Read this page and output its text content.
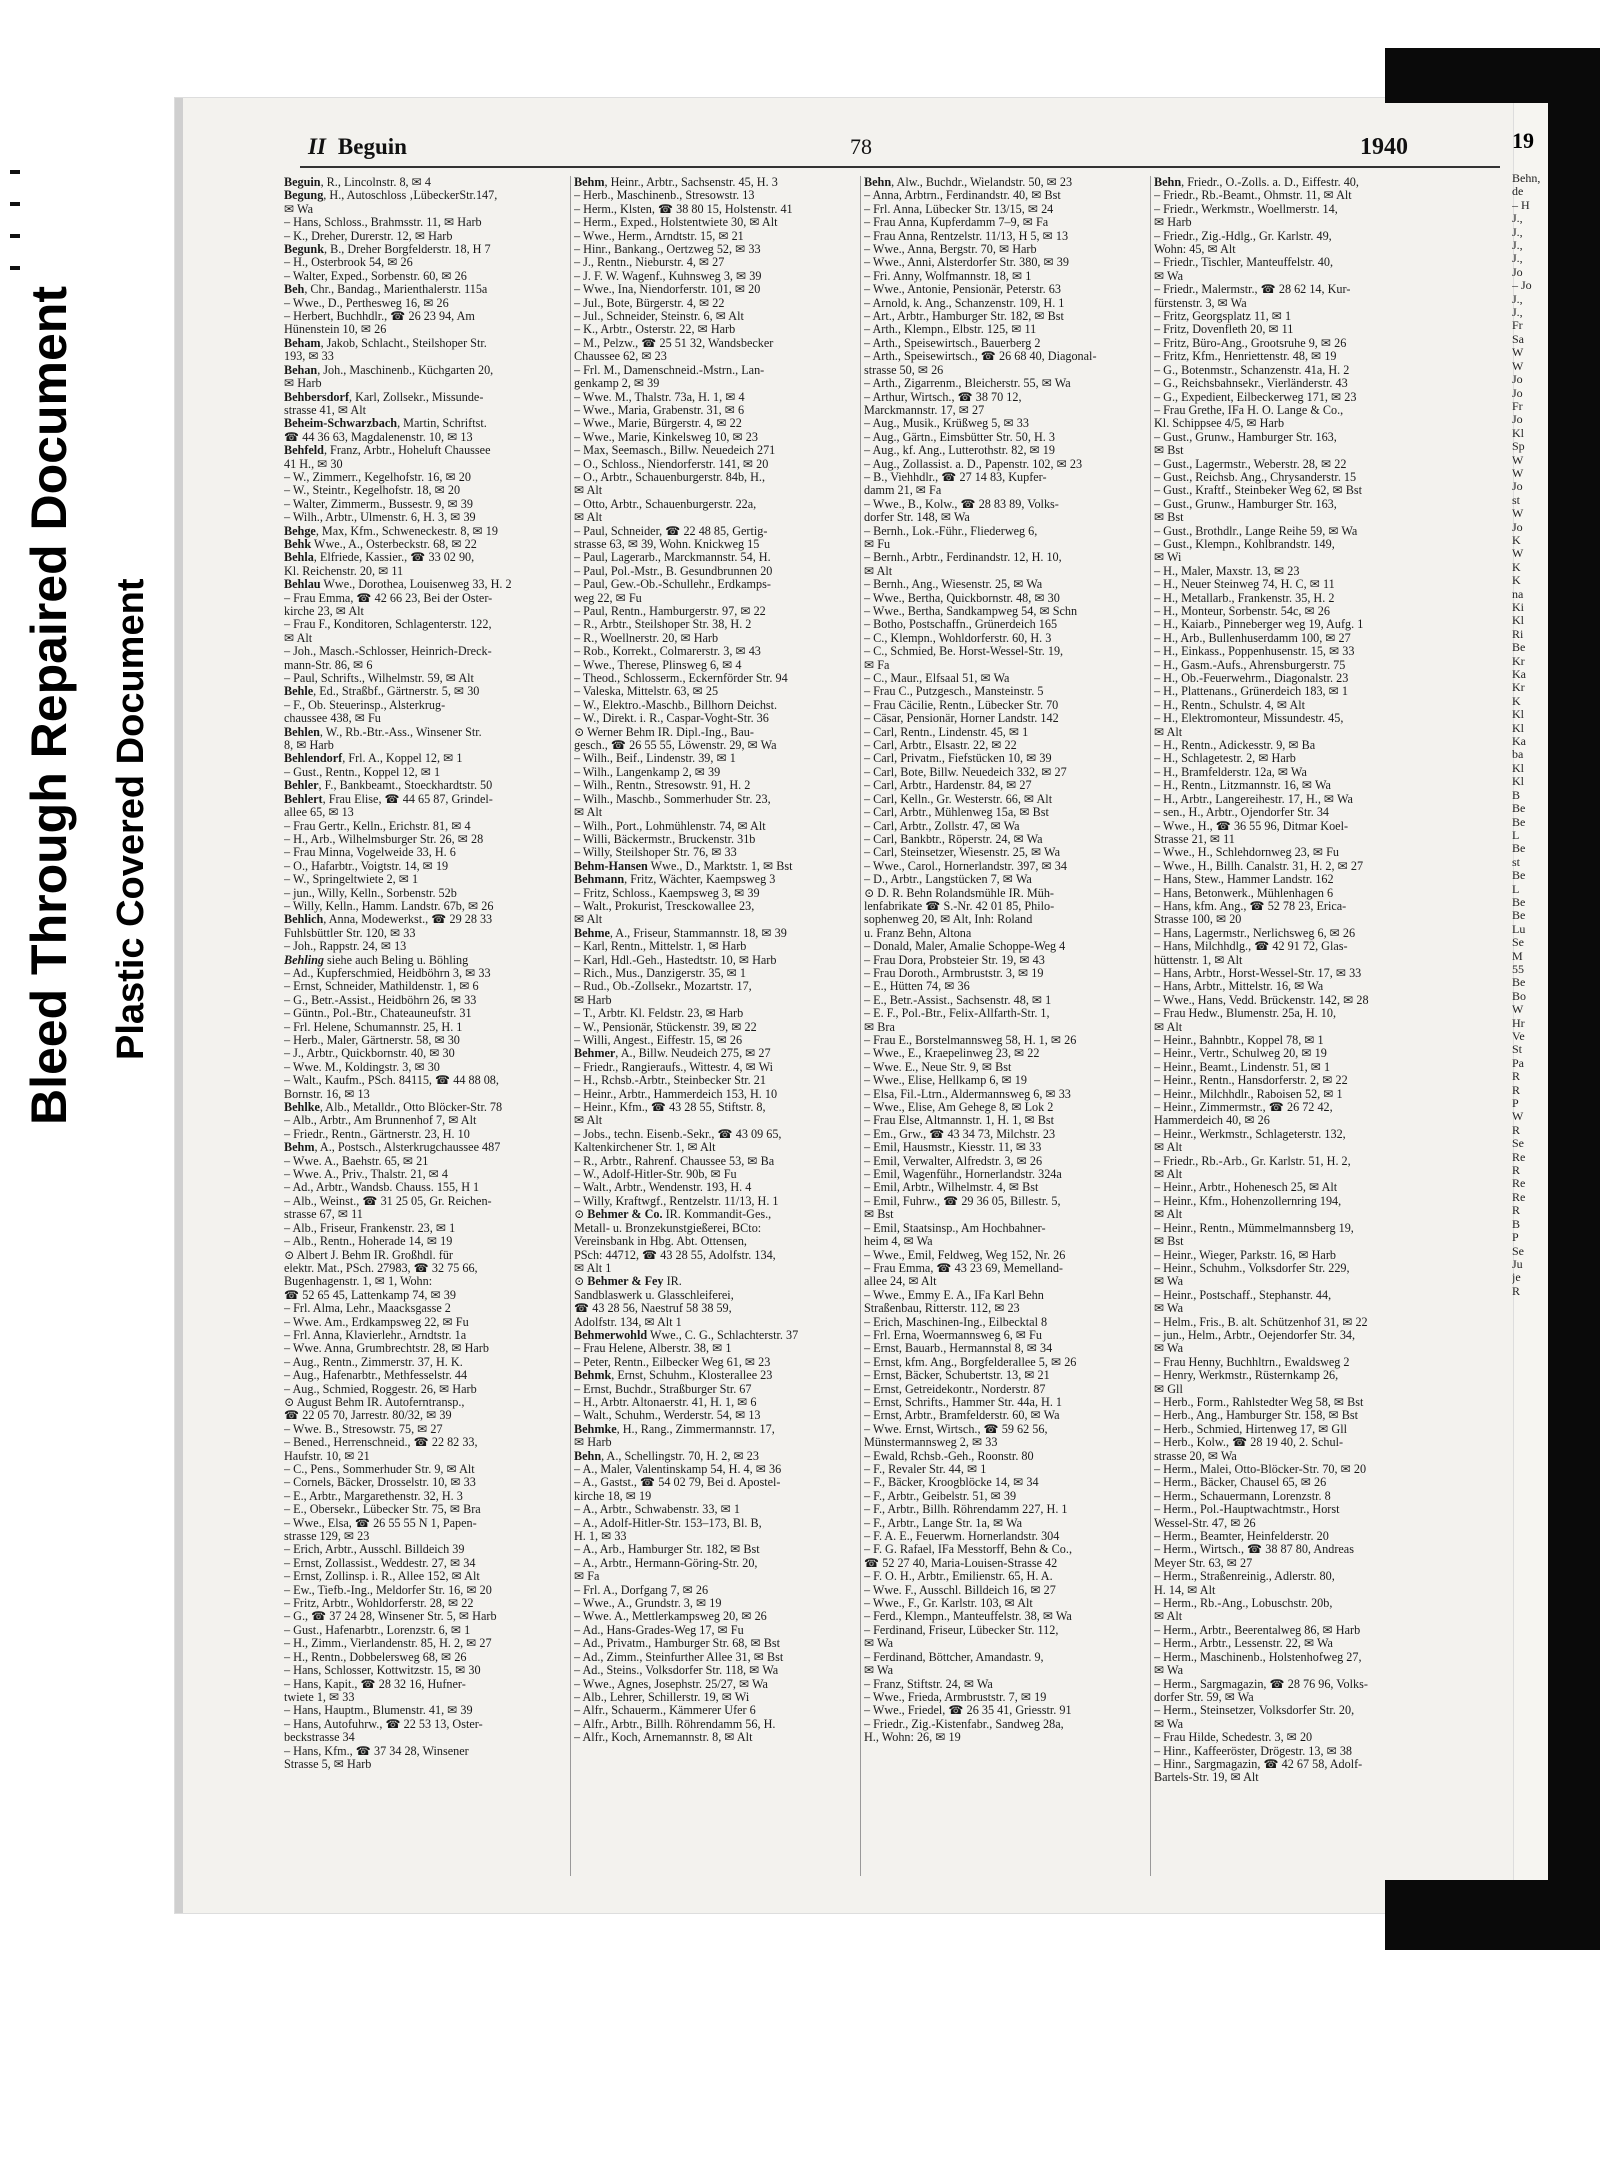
Bleed Through Repaired Document Plastic Covered Document
19
Behn,
de
– H
J.,
J.,
J.,
J.,
Jo
– Jo
J.,
J.,
Fr
Sa
W
W
Jo
Jo
Fr
Jo
Kl
Sp
W
W
Jo
st
W
Jo
K
W
K
K
na
Ki
Kl
Ri
Be
Kr
Ka
Kr
K
Kl
Kl
Ka
ba
Kl
Kl
B
Be
Be
L
Be
st
Be
L
Be
Be
Lu
Se
M
55
Be
Bo
W
Hr
Ve
St
Pa
R
R
P
W
R
Se
Re
R
Re
Re
R
B
P
Se
Ju
je
R
II Beguin	78	1940

Beguin, R., Lincolnstr. 8, ✉ 4

Begung, H., Autoschloss ‚LübeckerStr.147,

✉ Wa

– Hans, Schloss., Brahmsstr. 11, ✉ Harb

– K., Dreher, Durerstr. 12, ✉ Harb

Begunk, B., Dreher Borgfelderstr. 18, H 7

– H., Osterbrook 54, ✉ 26

– Walter, Exped., Sorbenstr. 60, ✉ 26

Beh, Chr., Bandag., Marienthalerstr. 115a

– Wwe., D., Perthesweg 16, ✉ 26

– Herbert, Buchhdlr., ☎ 26 23 94, Am

Hünenstein 10, ✉ 26

Beham, Jakob, Schlacht., Steilshoper Str.

193, ✉ 33

Behan, Joh., Maschinenb., Küchgarten 20,

✉ Harb

Behbersdorf, Karl, Zollsekr., Missunde-

strasse 41, ✉ Alt

Beheim-Schwarzbach, Martin, Schriftst.

☎ 44 36 63, Magdalenenstr. 10, ✉ 13

Behfeld, Franz, Arbtr., Hoheluft Chaussee

41 H., ✉ 30

– W., Zimmerr., Kegelhofstr. 16, ✉ 20

– W., Steintr., Kegelhofstr. 18, ✉ 20

– Walter, Zimmerm., Bussestr. 9, ✉ 39

– Wilh., Arbtr., Ulmenstr. 6, H. 3, ✉ 39

Behge, Max, Kfm., Schweneckestr. 8, ✉ 19

Behk Wwe., A., Osterbeckstr. 68, ✉ 22

Behla, Elfriede, Kassier., ☎ 33 02 90,

Kl. Reichenstr. 20, ✉ 11

Behlau Wwe., Dorothea, Louisenweg 33, H. 2

– Frau Emma, ☎ 42 66 23, Bei der Oster-

kirche 23, ✉ Alt

– Frau F., Konditoren, Schlagenterstr. 122,

✉ Alt

– Joh., Masch.-Schlosser, Heinrich-Dreck-

mann-Str. 86, ✉ 6

– Paul, Schrifts., Wilhelmstr. 59, ✉ Alt

Behle, Ed., Straßbf., Gärtnerstr. 5, ✉ 30

– F., Ob. Steuerinsp., Alsterkrug-

chaussee 438, ✉ Fu

Behlen, W., Rb.-Btr.-Ass., Winsener Str.

8, ✉ Harb

Behlendorf, Frl. A., Koppel 12, ✉ 1

– Gust., Rentn., Koppel 12, ✉ 1

Behler, F., Bankbeamt., Stoeckhardtstr. 50

Behlert, Frau Elise, ☎ 44 65 87, Grindel-

allee 65, ✉ 13

– Frau Gertr., Kelln., Erichstr. 81, ✉ 4

– H., Arb., Wilhelmsburger Str. 26, ✉ 28

– Frau Minna, Vogelweide 33, H. 6

– O., Hafarbtr., Voigtstr. 14, ✉ 19

– W., Springeltwiete 2, ✉ 1

– jun., Willy, Kelln., Sorbenstr. 52b

– Willy, Kelln., Hamm. Landstr. 67b, ✉ 26

Behlich, Anna, Modewerkst., ☎ 29 28 33

Fuhlsbüttler Str. 120, ✉ 33

– Joh., Rappstr. 24, ✉ 13

Behling siehe auch Beling u. Böhling

– Ad., Kupferschmied, Heidböhrn 3, ✉ 33

– Ernst, Schneider, Mathildenstr. 1, ✉ 6

– G., Betr.-Assist., Heidböhrn 26, ✉ 33

– Güntn., Pol.-Btr., Chateauneufstr. 31

– Frl. Helene, Schumannstr. 25, H. 1

– Herb., Maler, Gärtnerstr. 58, ✉ 30

– J., Arbtr., Quickbornstr. 40, ✉ 30

– Wwe. M., Koldingstr. 3, ✉ 30

– Walt., Kaufm., PSch. 84115, ☎ 44 88 08,

Bornstr. 16, ✉ 13

Behlke, Alb., Metalldr., Otto Blöcker-Str. 78

– Alb., Arbtr., Am Brunnenhof 7, ✉ Alt

– Friedr., Rentn., Gärtnerstr. 23, H. 10

Behm, A., Postsch., Alsterkrugchaussee 487

– Wwe. A., Baehstr. 65, ✉ 21

– Wwe. A., Priv., Thalstr. 21, ✉ 4

– Ad., Arbtr., Wandsb. Chauss. 155, H 1

– Alb., Weinst., ☎ 31 25 05, Gr. Reichen-

strasse 67, ✉ 11

– Alb., Friseur, Frankenstr. 23, ✉ 1

– Alb., Rentn., Hoherade 14, ✉ 19

⊙ Albert J. Behm IR. Großhdl. für

elektr. Mat., PSch. 27983, ☎ 32 75 66,

Bugenhagenstr. 1, ✉ 1, Wohn:

☎ 52 65 45, Lattenkamp 74, ✉ 39

– Frl. Alma, Lehr., Maacksgasse 2

– Wwe. Am., Erdkampsweg 22, ✉ Fu

– Frl. Anna, Klavierlehr., Arndtstr. 1a

– Wwe. Anna, Grumbrechtstr. 28, ✉ Harb

– Aug., Rentn., Zimmerstr. 37, H. K.

– Aug., Hafenarbtr., Methfesselstr. 44

– Aug., Schmied, Roggestr. 26, ✉ Harb

⊙ August Behm IR. Autoferntransp.,

☎ 22 05 70, Jarrestr. 80/32, ✉ 39

– Wwe. B., Stresowstr. 75, ✉ 27

– Bened., Herrenschneid., ☎ 22 82 33,

Haufstr. 10, ✉ 21

– C., Pens., Sommerhuder Str. 9, ✉ Alt

– Cornels, Bäcker, Drosselstr. 10, ✉ 33

– E., Arbtr., Margarethenstr. 32, H. 3

– E., Obersekr., Lübecker Str. 75, ✉ Bra

– Wwe., Elsa, ☎ 26 55 55 N 1, Papen-

strasse 129, ✉ 23

– Erich, Arbtr., Ausschl. Billdeich 39

– Ernst, Zollassist., Weddestr. 27, ✉ 34

– Ernst, Zollinsp. i. R., Allee 152, ✉ Alt

– Ew., Tiefb.-Ing., Meldorfer Str. 16, ✉ 20

– Fritz, Arbtr., Wohldorferstr. 28, ✉ 22

– G., ☎ 37 24 28, Winsener Str. 5, ✉ Harb

– Gust., Hafenarbtr., Lorenzstr. 6, ✉ 1

– H., Zimm., Vierlandenstr. 85, H. 2, ✉ 27

– H., Rentn., Dobbelersweg 68, ✉ 26

– Hans, Schlosser, Kottwitzstr. 15, ✉ 30

– Hans, Kapit., ☎ 28 32 16, Hufner-

twiete 1, ✉ 33

– Hans, Hauptm., Blumenstr. 41, ✉ 39

– Hans, Autofuhrw., ☎ 22 53 13, Oster-

beckstrasse 34

– Hans, Kfm., ☎ 37 34 28, Winsener

Strasse 5, ✉ Harb

Behm, Heinr., Arbtr., Sachsenstr. 45, H. 3

– Herb., Maschinenb., Stresowstr. 13

– Herm., Klsten, ☎ 38 80 15, Holstenstr. 41

– Herm., Exped., Holstentwiete 30, ✉ Alt

– Wwe., Herm., Arndtstr. 15, ✉ 21

– Hinr., Bankang., Oertzweg 52, ✉ 33

– J., Rentn., Nieburstr. 4, ✉ 27

– J. F. W. Wagenf., Kuhnsweg 3, ✉ 39

– Wwe., Ina, Niendorferstr. 101, ✉ 20

– Jul., Bote, Bürgerstr. 4, ✉ 22

– Jul., Schneider, Steinstr. 6, ✉ Alt

– K., Arbtr., Osterstr. 22, ✉ Harb

– M., Pelzw., ☎ 25 51 32, Wandsbecker

Chaussee 62, ✉ 23

– Frl. M., Damenschneid.-Mstrn., Lan-

genkamp 2, ✉ 39

– Wwe. M., Thalstr. 73a, H. 1, ✉ 4

– Wwe., Maria, Grabenstr. 31, ✉ 6

– Wwe., Marie, Bürgerstr. 4, ✉ 22

– Wwe., Marie, Kinkelsweg 10, ✉ 23

– Max, Seemasch., Billw. Neuedeich 271

– O., Schloss., Niendorferstr. 141, ✉ 20

– O., Arbtr., Schauenburgerstr. 84b, H.,

✉ Alt

– Otto, Arbtr., Schauenburgerstr. 22a,

✉ Alt

– Paul, Schneider, ☎ 22 48 85, Gertig-

strasse 63, ✉ 39, Wohn. Knickweg 15

– Paul, Lagerarb., Marckmannstr. 54, H.

– Paul, Pol.-Mstr., B. Gesundbrunnen 20

– Paul, Gew.-Ob.-Schullehr., Erdkamps-

weg 22, ✉ Fu

– Paul, Rentn., Hamburgerstr. 97, ✉ 22

– R., Arbtr., Steilshoper Str. 38, H. 2

– R., Woellnerstr. 20, ✉ Harb

– Rob., Korrekt., Colmarerstr. 3, ✉ 43

– Wwe., Therese, Plinsweg 6, ✉ 4

– Theod., Schlosserm., Eckernförder Str. 94

– Valeska, Mittelstr. 63, ✉ 25

– W., Elektro.-Maschb., Billhorn Deichst.

– W., Direkt. i. R., Caspar-Voght-Str. 36

⊙ Werner Behm IR. Dipl.-Ing., Bau-

gesch., ☎ 26 55 55, Löwenstr. 29, ✉ Wa

– Wilh., Beif., Lindenstr. 39, ✉ 1

– Wilh., Langenkamp 2, ✉ 39

– Wilh., Rentn., Stresowstr. 91, H. 2

– Wilh., Maschb., Sommerhuder Str. 23,

✉ Alt

– Wilh., Port., Lohmühlenstr. 74, ✉ Alt

– Willi, Bäckermstr., Bruckenstr. 31b

– Willy, Steilshoper Str. 76, ✉ 33

Behm-Hansen Wwe., D., Marktstr. 1, ✉ Bst

Behmann, Fritz, Wächter, Kaempsweg 3

– Fritz, Schloss., Kaempsweg 3, ✉ 39

– Walt., Prokurist, Tresckowallee 23,

✉ Alt

Behme, A., Friseur, Stammannstr. 18, ✉ 39

– Karl, Rentn., Mittelstr. 1, ✉ Harb

– Karl, Hdl.-Geh., Hastedtstr. 10, ✉ Harb

– Rich., Mus., Danzigerstr. 35, ✉ 1

– Rud., Ob.-Zollsekr., Mozartstr. 17,

✉ Harb

– T., Arbtr. Kl. Feldstr. 23, ✉ Harb

– W., Pensionär, Stückenstr. 39, ✉ 22

– Willi, Angest., Eiffestr. 15, ✉ 26

Behmer, A., Billw. Neudeich 275, ✉ 27

– Friedr., Rangieraufs., Wittestr. 4, ✉ Wi

– H., Rchsb.-Arbtr., Steinbecker Str. 21

– Heinr., Arbtr., Hammerdeich 153, H. 10

– Heinr., Kfm., ☎ 43 28 55, Stiftstr. 8,

✉ Alt

– Jobs., techn. Eisenb.-Sekr., ☎ 43 09 65,

Kaltenkirchener Str. 1, ✉ Alt

– R., Arbtr., Rahrenf. Chaussee 53, ✉ Ba

– W., Adolf-Hitler-Str. 90b, ✉ Fu

– Walt., Arbtr., Wendenstr. 193, H. 4

– Willy, Kraftwgf., Rentzelstr. 11/13, H. 1

⊙ Behmer & Co. IR. Kommandit-Ges.,

Metall- u. Bronzekunstgießerei, BCto:

Vereinsbank in Hbg. Abt. Ottensen,

PSch: 44712, ☎ 43 28 55, Adolfstr. 134,

✉ Alt 1

⊙ Behmer & Fey IR.

Sandblaswerk u. Glasschleiferei,

☎ 43 28 56, Naestruf 58 38 59,

Adolfstr. 134, ✉ Alt 1

Behmerwohld Wwe., C. G., Schlachterstr. 37

– Frau Helene, Alberstr. 38, ✉ 1

– Peter, Rentn., Eilbecker Weg 61, ✉ 23

Behmk, Ernst, Schuhm., Klosterallee 23

– Ernst, Buchdr., Straßburger Str. 67

– H., Arbtr. Altonaerstr. 41, H. 1, ✉ 6

– Walt., Schuhm., Werderstr. 54, ✉ 13

Behmke, H., Rang., Zimmermannstr. 17,

✉ Harb

Behn, A., Schellingstr. 70, H. 2, ✉ 23

– A., Maler, Valentinskamp 54, H. 4, ✉ 36

– A., Gastst., ☎ 54 02 79, Bei d. Apostel-

kirche 18, ✉ 19

– A., Arbtr., Schwabenstr. 33, ✉ 1

– A., Adolf-Hitler-Str. 153–173, Bl. B,

H. 1, ✉ 33

– A., Arb., Hamburger Str. 182, ✉ Bst

– A., Arbtr., Hermann-Göring-Str. 20,

✉ Fa

– Frl. A., Dorfgang 7, ✉ 26

– Wwe., A., Grundstr. 3, ✉ 19

– Wwe. A., Mettlerkampsweg 20, ✉ 26

– Ad., Hans-Grades-Weg 17, ✉ Fu

– Ad., Privatm., Hamburger Str. 68, ✉ Bst

– Ad., Zimm., Steinfurther Allee 31, ✉ Bst

– Ad., Steins., Volksdorfer Str. 118, ✉ Wa

– Wwe., Agnes, Josephstr. 25/27, ✉ Wa

– Alb., Lehrer, Schillerstr. 19, ✉ Wi

– Alfr., Schauerm., Kämmerer Ufer 6

– Alfr., Arbtr., Billh. Röhrendamm 56, H.

– Alfr., Koch, Arnemannstr. 8, ✉ Alt

Behn, Alw., Buchdr., Wielandstr. 50, ✉ 23

– Anna, Arbtrn., Ferdinandstr. 40, ✉ Bst

– Frl. Anna, Lübecker Str. 13/15, ✉ 24

– Frau Anna, Kupferdamm 7–9, ✉ Fa

– Frau Anna, Rentzelstr. 11/13, H 5, ✉ 13

– Wwe., Anna, Bergstr. 70, ✉ Harb

– Wwe., Anni, Alsterdorfer Str. 380, ✉ 39

– Fri. Anny, Wolfmannstr. 18, ✉ 1

– Wwe., Antonie, Pensionär, Peterstr. 63

– Arnold, k. Ang., Schanzenstr. 109, H. 1

– Art., Arbtr., Hamburger Str. 182, ✉ Bst

– Arth., Klempn., Elbstr. 125, ✉ 11

– Arth., Speisewirtsch., Bauerberg 2

– Arth., Speisewirtsch., ☎ 26 68 40, Diagonal-

strasse 50, ✉ 26

– Arth., Zigarrenm., Bleicherstr. 55, ✉ Wa

– Arthur, Wirtsch., ☎ 38 70 12,

Marckmannstr. 17, ✉ 27

– Aug., Musik., Krüßweg 5, ✉ 33

– Aug., Gärtn., Eimsbütter Str. 50, H. 3

– Aug., kf. Ang., Lutterothstr. 82, ✉ 19

– Aug., Zollassist. a. D., Papenstr. 102, ✉ 23

– B., Viehhdlr., ☎ 27 14 83, Kupfer-

damm 21, ✉ Fa

– Wwe., B., Kolw., ☎ 28 83 89, Volks-

dorfer Str. 148, ✉ Wa

– Bernh., Lok.-Führ., Fliederweg 6,

✉ Fu

– Bernh., Arbtr., Ferdinandstr. 12, H. 10,

✉ Alt

– Bernh., Ang., Wiesenstr. 25, ✉ Wa

– Wwe., Bertha, Quickbornstr. 48, ✉ 30

– Wwe., Bertha, Sandkampweg 54, ✉ Schn

– Botho, Postschaffn., Grünerdeich 165

– C., Klempn., Wohldorferstr. 60, H. 3

– C., Schmied, Be. Horst-Wessel-Str. 19,

✉ Fa

– C., Maur., Elfsaal 51, ✉ Wa

– Frau C., Putzgesch., Mansteinstr. 5

– Frau Cäcilie, Rentn., Lübecker Str. 70

– Cäsar, Pensionär, Horner Landstr. 142

– Carl, Rentn., Lindenstr. 45, ✉ 1

– Carl, Arbtr., Elsastr. 22, ✉ 22

– Carl, Privatm., Fiefstücken 10, ✉ 39

– Carl, Bote, Billw. Neuedeich 332, ✉ 27

– Carl, Arbtr., Hardenstr. 84, ✉ 27

– Carl, Kelln., Gr. Westerstr. 66, ✉ Alt

– Carl, Arbtr., Mühlenweg 15a, ✉ Bst

– Carl, Arbtr., Zollstr. 47, ✉ Wa

– Carl, Bankbtr., Röperstr. 24, ✉ Wa

– Carl, Steinsetzer, Wiesenstr. 25, ✉ Wa

– Wwe., Carol., Hornerlandstr. 397, ✉ 34

– D., Arbtr., Langstücken 7, ✉ Wa

⊙ D. R. Behn Rolandsmühle IR. Müh-

lenfabrikate ☎ S.-Nr. 42 01 85, Philo-

sophenweg 20, ✉ Alt, Inh: Roland

u. Franz Behn, Altona

– Donald, Maler, Amalie Schoppe-Weg 4

– Frau Dora, Probsteier Str. 19, ✉ 43

– Frau Doroth., Armbruststr. 3, ✉ 19

– E., Hütten 74, ✉ 36

– E., Betr.-Assist., Sachsenstr. 48, ✉ 1

– E. F., Pol.-Btr., Felix-Allfarth-Str. 1,

✉ Bra

– Frau E., Borstelmannsweg 58, H. 1, ✉ 26

– Wwe., E., Kraepelinweg 23, ✉ 22

– Wwe. E., Neue Str. 9, ✉ Bst

– Wwe., Elise, Hellkamp 6, ✉ 19

– Elsa, Fil.-Ltrn., Aldermannsweg 6, ✉ 33

– Wwe., Elise, Am Gehege 8, ✉ Lok 2

– Frau Else, Altmannstr. 1, H. 1, ✉ Bst

– Em., Grw., ☎ 43 34 73, Milchstr. 23

– Emil, Hausmstr., Kiesstr. 11, ✉ 33

– Emil, Verwalter, Alfredstr. 3, ✉ 26

– Emil, Wagenführ., Hornerlandstr. 324a

– Emil, Arbtr., Wilhelmstr. 4, ✉ Bst

– Emil, Fuhrw., ☎ 29 36 05, Billestr. 5,

✉ Bst

– Emil, Staatsinsp., Am Hochbahner-

heim 4, ✉ Wa

– Wwe., Emil, Feldweg, Weg 152, Nr. 26

– Frau Emma, ☎ 43 23 69, Memelland-

allee 24, ✉ Alt

– Wwe., Emmy E. A., IFa Karl Behn

Straßenbau, Ritterstr. 112, ✉ 23

– Erich, Maschinen-Ing., Eilbecktal 8

– Frl. Erna, Woermannsweg 6, ✉ Fu

– Ernst, Bauarb., Hermannstal 8, ✉ 34

– Ernst, kfm. Ang., Borgfelderallee 5, ✉ 26

– Ernst, Bäcker, Schubertstr. 13, ✉ 21

– Ernst, Getreidekontr., Norderstr. 87

– Ernst, Schrifts., Hammer Str. 44a, H. 1

– Ernst, Arbtr., Bramfelderstr. 60, ✉ Wa

– Wwe. Ernst, Wirtsch., ☎ 59 62 56,

Münstermannsweg 2, ✉ 33

– Ewald, Rchsb.-Geh., Roonstr. 80

– F., Revaler Str. 44, ✉ 1

– F., Bäcker, Kroogblöcke 14, ✉ 34

– F., Arbtr., Geibelstr. 51, ✉ 39

– F., Arbtr., Billh. Röhrendamm 227, H. 1

– F., Arbtr., Lange Str. 1a, ✉ Wa

– F. A. E., Feuerwm. Hornerlandstr. 304

– F. G. Rafael, IFa Messtorff, Behn & Co.,

☎ 52 27 40, Maria-Louisen-Strasse 42

– F. O. H., Arbtr., Emilienstr. 65, H. A.

– Wwe. F., Ausschl. Billdeich 16, ✉ 27

– Wwe., F., Gr. Karlstr. 103, ✉ Alt

– Ferd., Klempn., Manteuffelstr. 38, ✉ Wa

– Ferdinand, Friseur, Lübecker Str. 112,

✉ Wa

– Ferdinand, Böttcher, Amandastr. 9,

✉ Wa

– Franz, Stiftstr. 24, ✉ Wa

– Wwe., Frieda, Armbruststr. 7, ✉ 19

– Wwe., Friedel, ☎ 26 35 41, Griesstr. 91

– Friedr., Zig.-Kistenfabr., Sandweg 28a,

H., Wohn: 26, ✉ 19

Behn, Friedr., O.-Zolls. a. D., Eiffestr. 40,

– Friedr., Rb.-Beamt., Ohmstr. 11, ✉ Alt

– Friedr., Werkmstr., Woellmerstr. 14,

✉ Harb

– Friedr., Zig.-Hdlg., Gr. Karlstr. 49,

Wohn: 45, ✉ Alt

– Friedr., Tischler, Manteuffelstr. 40,

✉ Wa

– Friedr., Malermstr., ☎ 28 62 14, Kur-

fürstenstr. 3, ✉ Wa

– Fritz, Georgsplatz 11, ✉ 1

– Fritz, Dovenfleth 20, ✉ 11

– Fritz, Büro-Ang., Grootsruhe 9, ✉ 26

– Fritz, Kfm., Henriettenstr. 48, ✉ 19

– G., Botenmstr., Schanzenstr. 41a, H. 2

– G., Reichsbahnsekr., Vierländerstr. 43

– G., Expedient, Eilbeckerweg 171, ✉ 23

– Frau Grethe, IFa H. O. Lange & Co.,

Kl. Schippsee 4/5, ✉ Harb

– Gust., Grunw., Hamburger Str. 163,

✉ Bst

– Gust., Lagermstr., Weberstr. 28, ✉ 22

– Gust., Reichsb. Ang., Chrysanderstr. 15

– Gust., Kraftf., Steinbeker Weg 62, ✉ Bst

– Gust., Grunw., Hamburger Str. 163,

✉ Bst

– Gust., Brothdlr., Lange Reihe 59, ✉ Wa

– Gust., Klempn., Kohlbrandstr. 149,

✉ Wi

– H., Maler, Maxstr. 13, ✉ 23

– H., Neuer Steinweg 74, H. C, ✉ 11

– H., Metallarb., Frankenstr. 35, H. 2

– H., Monteur, Sorbenstr. 54c, ✉ 26

– H., Kaiarb., Pinneberger weg 19, Aufg. 1

– H., Arb., Bullenhuserdamm 100, ✉ 27

– H., Einkass., Poppenhusenstr. 15, ✉ 33

– H., Gasm.-Aufs., Ahrensburgerstr. 75

– H., Ob.-Feuerwehrm., Diagonalstr. 23

– H., Plattenans., Grünerdeich 183, ✉ 1

– H., Rentn., Schulstr. 4, ✉ Alt

– H., Elektromonteur, Missundestr. 45,

✉ Alt

– H., Rentn., Adickesstr. 9, ✉ Ba

– H., Schlagetestr. 2, ✉ Harb

– H., Bramfelderstr. 12a, ✉ Wa

– H., Rentn., Litzmannstr. 16, ✉ Wa

– H., Arbtr., Langereihestr. 17, H., ✉ Wa

– sen., H., Arbtr., Ojendorfer Str. 34

– Wwe., H., ☎ 36 55 96, Ditmar Koel-

Strasse 21, ✉ 11

– Wwe., H., Schlehdornweg 23, ✉ Fu

– Wwe., H., Billh. Canalstr. 31, H. 2, ✉ 27

– Hans, Stew., Hammer Landstr. 162

– Hans, Betonwerk., Mühlenhagen 6

– Hans, kfm. Ang., ☎ 52 78 23, Erica-

Strasse 100, ✉ 20

– Hans, Lagermstr., Nerlichsweg 6, ✉ 26

– Hans, Milchhdlg., ☎ 42 91 72, Glas-

hüttenstr. 1, ✉ Alt

– Hans, Arbtr., Horst-Wessel-Str. 17, ✉ 33

– Hans, Arbtr., Mittelstr. 16, ✉ Wa

– Wwe., Hans, Vedd. Brückenstr. 142, ✉ 28

– Frau Hedw., Blumenstr. 25a, H. 10,

✉ Alt

– Heinr., Bahnbtr., Koppel 78, ✉ 1

– Heinr., Vertr., Schulweg 20, ✉ 19

– Heinr., Beamt., Lindenstr. 51, ✉ 1

– Heinr., Rentn., Hansdorferstr. 2, ✉ 22

– Heinr., Milchhdlr., Raboisen 52, ✉ 1

– Heinr., Zimmermstr., ☎ 26 72 42,

Hammerdeich 40, ✉ 26

– Heinr., Werkmstr., Schlageterstr. 132,

✉ Alt

– Friedr., Rb.-Arb., Gr. Karlstr. 51, H. 2,

✉ Alt

– Heinr., Arbtr., Hohenesch 25, ✉ Alt

– Heinr., Kfm., Hohenzollernring 194,

✉ Alt

– Heinr., Rentn., Mümmelmannsberg 19,

✉ Bst

– Heinr., Wieger, Parkstr. 16, ✉ Harb

– Heinr., Schuhm., Volksdorfer Str. 229,

✉ Wa

– Heinr., Postschaff., Stephanstr. 44,

✉ Wa

– Helm., Fris., B. alt. Schützenhof 31, ✉ 22

– jun., Helm., Arbtr., Oejendorfer Str. 34,

✉ Wa

– Frau Henny, Buchhltrn., Ewaldsweg 2

– Henry, Werkmstr., Rüsternkamp 26,

✉ Gll

– Herb., Form., Rahlstedter Weg 58, ✉ Bst

– Herb., Ang., Hamburger Str. 158, ✉ Bst

– Herb., Schmied, Hirtenweg 17, ✉ Gll

– Herb., Kolw., ☎ 28 19 40, 2. Schul-

strasse 20, ✉ Wa

– Herm., Malei, Otto-Blöcker-Str. 70, ✉ 20

– Herm., Bäcker, Chausel 65, ✉ 26

– Herm., Schauermann, Lorenzstr. 8

– Herm., Pol.-Hauptwachtmstr., Horst

Wessel-Str. 47, ✉ 26

– Herm., Beamter, Heinfelderstr. 20

– Herm., Wirtsch., ☎ 38 87 80, Andreas

Meyer Str. 63, ✉ 27

– Herm., Straßenreinig., Adlerstr. 80,

H. 14, ✉ Alt

– Herm., Rb.-Ang., Lobuschstr. 20b,

✉ Alt

– Herm., Arbtr., Beerentalweg 86, ✉ Harb

– Herm., Arbtr., Lessenstr. 22, ✉ Wa

– Herm., Maschinenb., Holstenhofweg 27,

✉ Wa

– Herm., Sargmagazin, ☎ 28 76 96, Volks-

dorfer Str. 59, ✉ Wa

– Herm., Steinsetzer, Volksdorfer Str. 20,

✉ Wa

– Frau Hilde, Schedestr. 3, ✉ 20

– Hinr., Kaffeeröster, Drögestr. 13, ✉ 38

– Hinr., Sargmagazin, ☎ 42 67 58, Adolf-

Bartels-Str. 19, ✉ Alt
